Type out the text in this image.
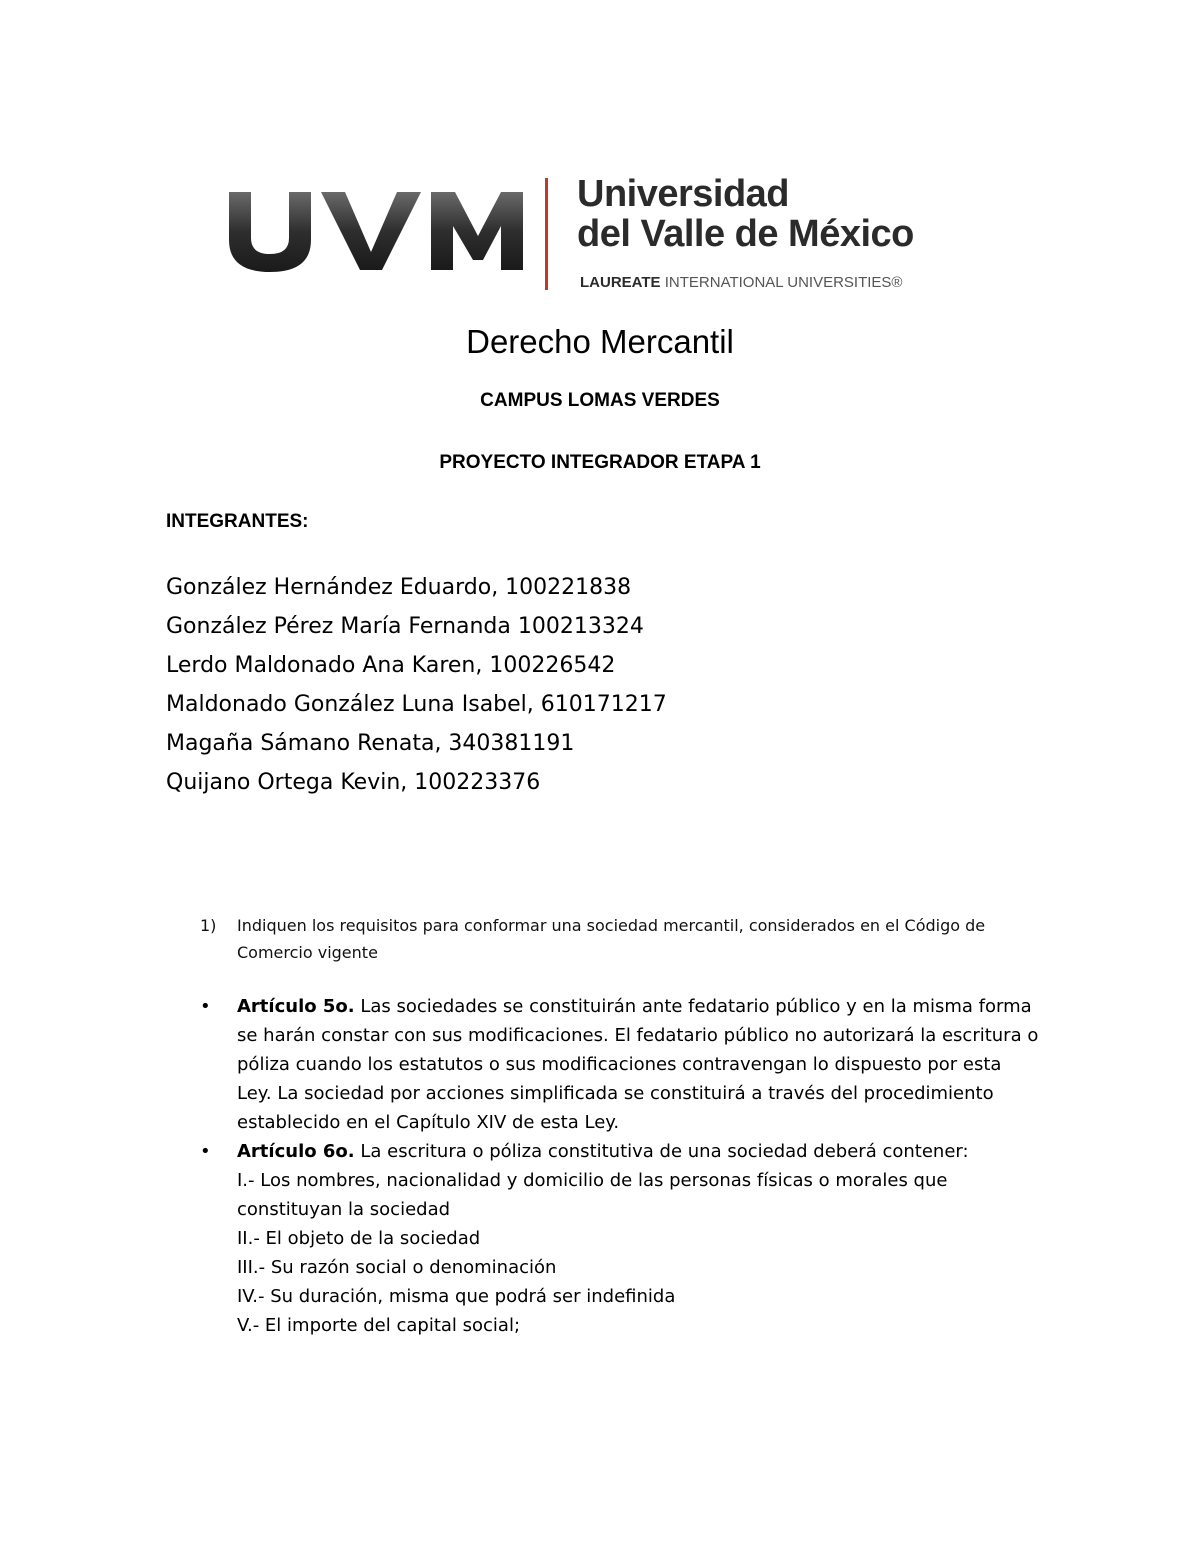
Universidad
del Valle de México
LAUREATE INTERNATIONAL UNIVERSITIES®
Derecho Mercantil
CAMPUS LOMAS VERDES
PROYECTO INTEGRADOR ETAPA 1
INTEGRANTES:
González Hernández Eduardo, 100221838
González Pérez María Fernanda 100213324
Lerdo Maldonado Ana Karen, 100226542
Maldonado González Luna Isabel, 610171217
Magaña Sámano Renata, 340381191
Quijano Ortega Kevin, 100223376
1) Indiquen los requisitos para conformar una sociedad mercantil, considerados en el Código de Comercio vigente
• Artículo 5o. Las sociedades se constituirán ante fedatario público y en la misma forma se harán constar con sus modificaciones. El fedatario público no autorizará la escritura o póliza cuando los estatutos o sus modificaciones contravengan lo dispuesto por esta Ley. La sociedad por acciones simplificada se constituirá a través del procedimiento establecido en el Capítulo XIV de esta Ley.
• Artículo 6o. La escritura o póliza constitutiva de una sociedad deberá contener:
I.- Los nombres, nacionalidad y domicilio de las personas físicas o morales que constituyan la sociedad
II.- El objeto de la sociedad
III.- Su razón social o denominación
IV.- Su duración, misma que podrá ser indefinida
V.- El importe del capital social;
